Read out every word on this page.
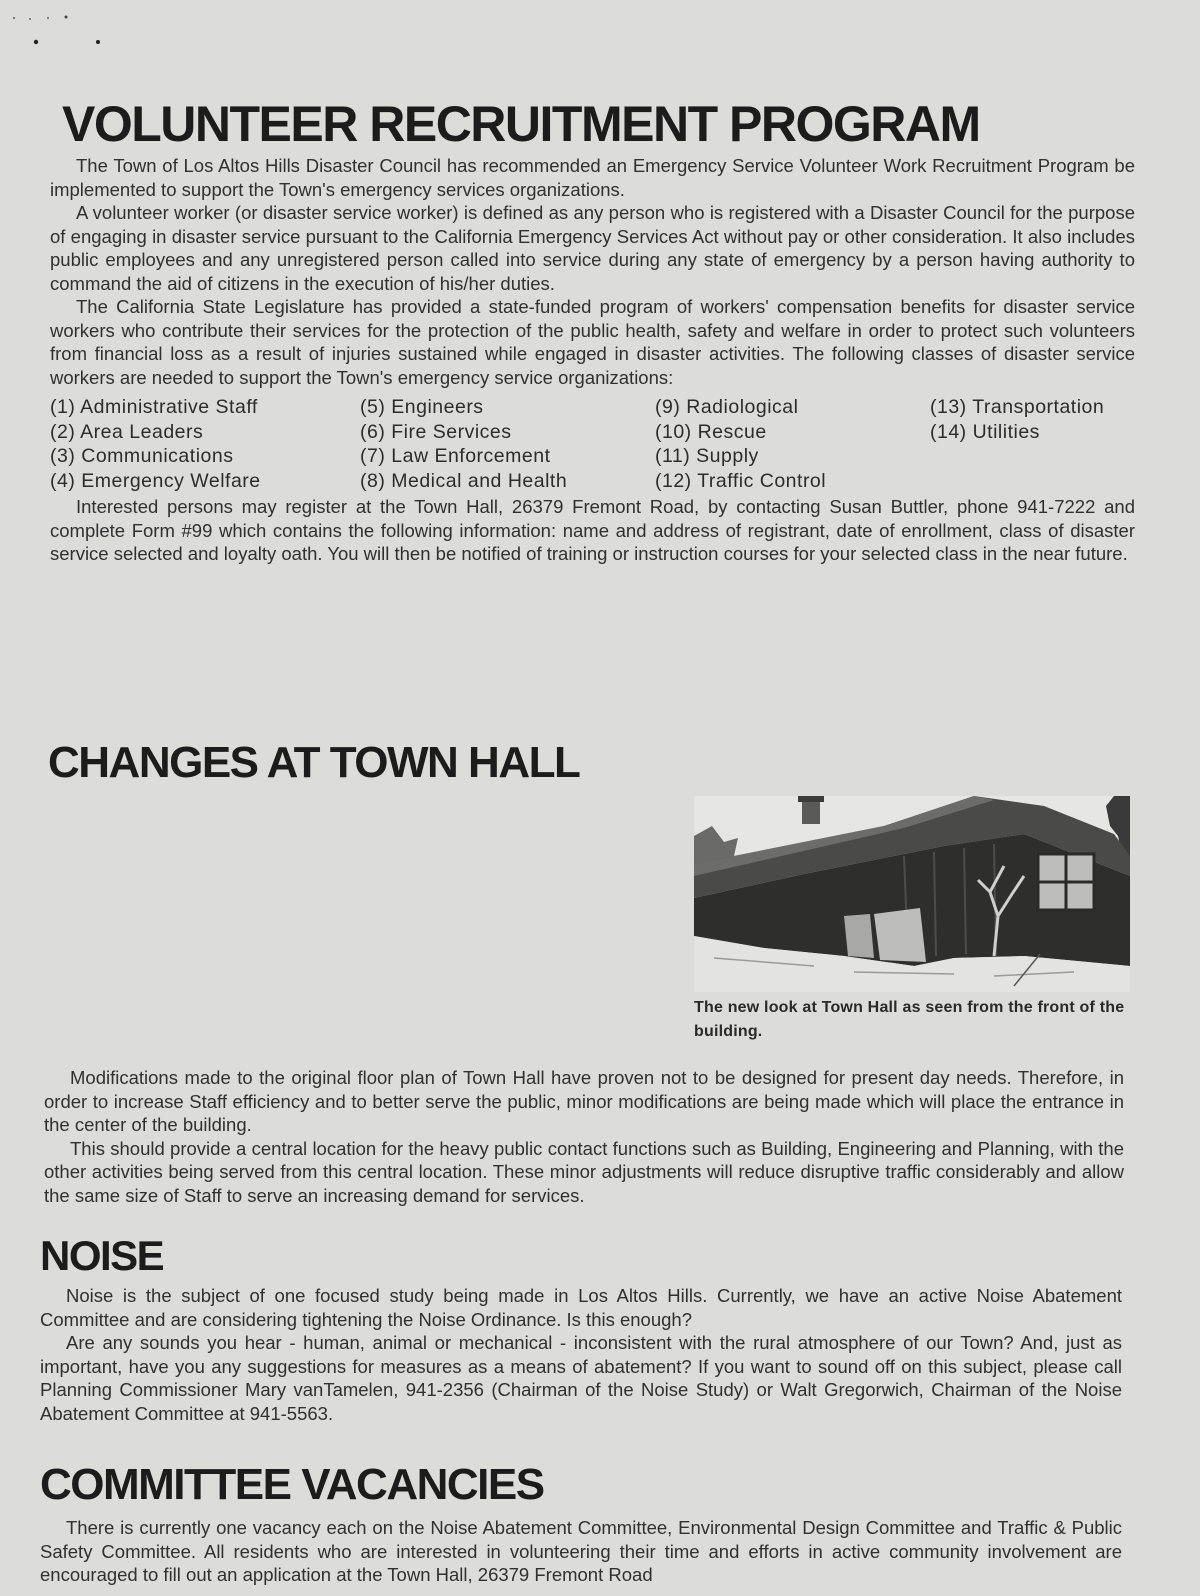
VOLUNTEER RECRUITMENT PROGRAM

The Town of Los Altos Hills Disaster Council has recommended an Emergency Service Volunteer Work Recruitment Program be implemented to support the Town's emergency services organizations.

A volunteer worker (or disaster service worker) is defined as any person who is registered with a Disaster Council for the purpose of engaging in disaster service pursuant to the California Emergency Services Act without pay or other consideration. It also includes public employees and any unregistered person called into service during any state of emergency by a person having authority to command the aid of citizens in the execution of his/her duties.

The California State Legislature has provided a state-funded program of workers' compensation benefits for disaster service workers who contribute their services for the protection of the public health, safety and welfare in order to protect such volunteers from financial loss as a result of injuries sustained while engaged in disaster activities. The following classes of disaster service workers are needed to support the Town's emergency service organizations:

(1) Administrative Staff
(2) Area Leaders
(3) Communications
(4) Emergency Welfare
(5) Engineers
(6) Fire Services
(7) Law Enforcement
(8) Medical and Health
(9) Radiological
(10) Rescue
(11) Supply
(12) Traffic Control
(13) Transportation
(14) Utilities

Interested persons may register at the Town Hall, 26379 Fremont Road, by contacting Susan Buttler, phone 941-7222 and complete Form #99 which contains the following information: name and address of registrant, date of enrollment, class of disaster service selected and loyalty oath. You will then be notified of training or instruction courses for your selected class in the near future.

CHANGES AT TOWN HALL
The new look at Town Hall as seen from the front of the building.

Modifications made to the original floor plan of Town Hall have proven not to be designed for present day needs. Therefore, in order to increase Staff efficiency and to better serve the public, minor modifications are being made which will place the entrance in the center of the building.

This should provide a central location for the heavy public contact functions such as Building, Engineering and Planning, with the other activities being served from this central location. These minor adjustments will reduce disruptive traffic considerably and allow the same size of Staff to serve an increasing demand for services.

NOISE

Noise is the subject of one focused study being made in Los Altos Hills. Currently, we have an active Noise Abatement Committee and are considering tightening the Noise Ordinance. Is this enough?

Are any sounds you hear - human, animal or mechanical - inconsistent with the rural atmosphere of our Town? And, just as important, have you any suggestions for measures as a means of abatement? If you want to sound off on this subject, please call Planning Commissioner Mary vanTamelen, 941-2356 (Chairman of the Noise Study) or Walt Gregorwich, Chairman of the Noise Abatement Committee at 941-5563.

COMMITTEE VACANCIES

There is currently one vacancy each on the Noise Abatement Committee, Environmental Design Committee and Traffic & Public Safety Committee. All residents who are interested in volunteering their time and efforts in active community involvement are encouraged to fill out an application at the Town Hall, 26379 Fremont Road
